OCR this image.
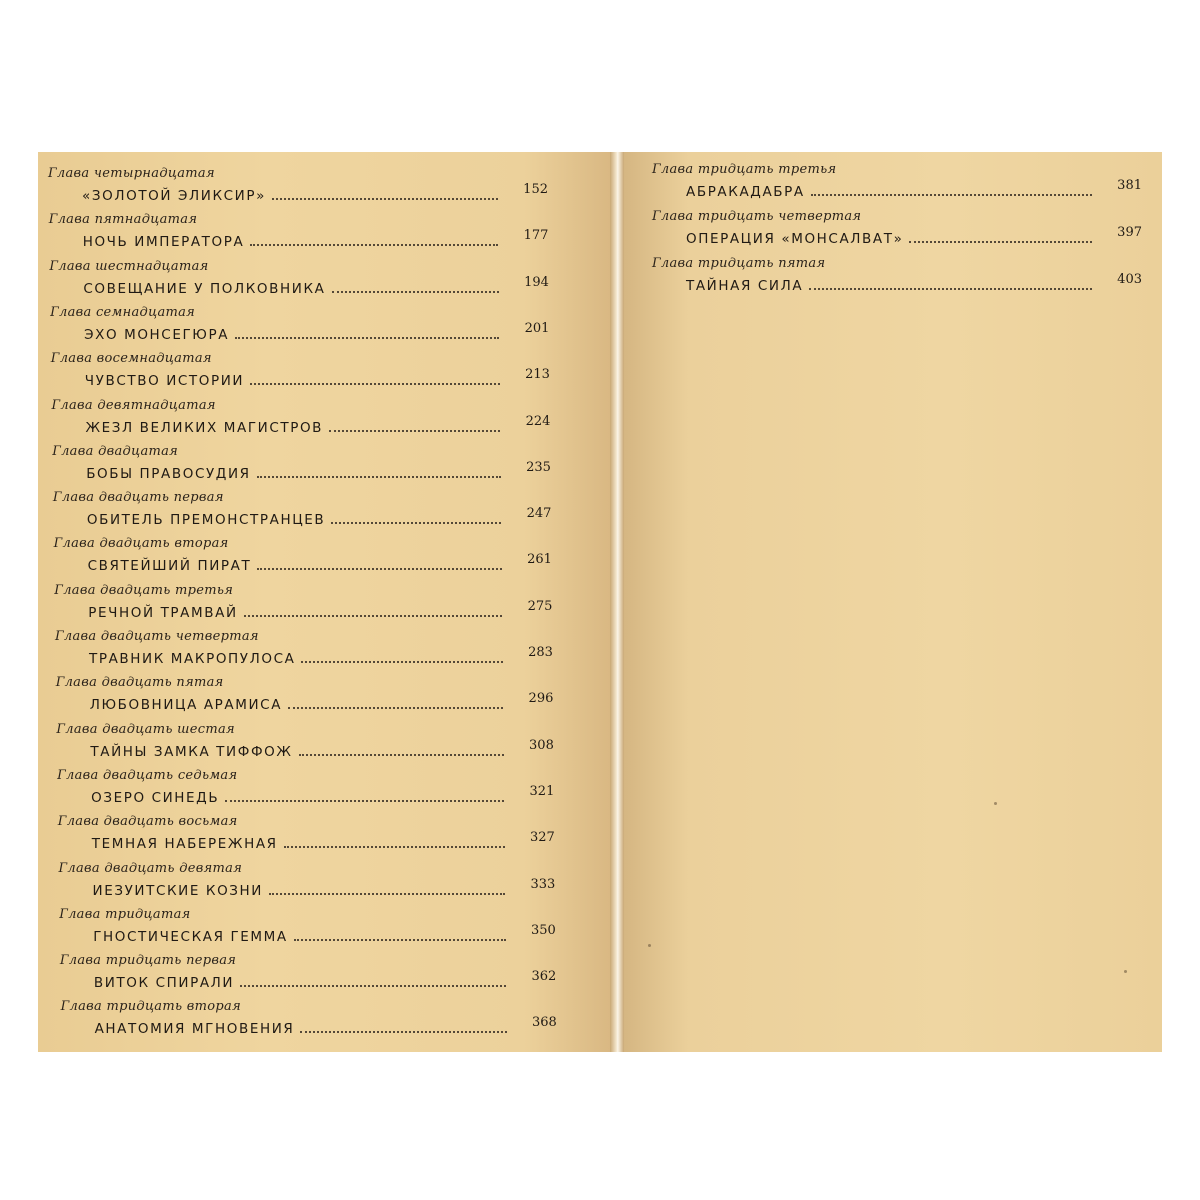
Глава четырнадцатая
«ЗОЛОТОЙ ЭЛИКСИР»	152
Глава пятнадцатая
НОЧЬ ИМПЕРАТОРА	177
Глава шестнадцатая
СОВЕЩАНИЕ У ПОЛКОВНИКА	194
Глава семнадцатая
ЭХО МОНСЕГЮРА	201
Глава восемнадцатая
ЧУВСТВО ИСТОРИИ	213
Глава девятнадцатая
ЖЕЗЛ ВЕЛИКИХ МАГИСТРОВ	224
Глава двадцатая
БОБЫ ПРАВОСУДИЯ	235
Глава двадцать первая
ОБИТЕЛЬ ПРЕМОНСТРАНЦЕВ	247
Глава двадцать вторая
СВЯТЕЙШИЙ ПИРАТ	261
Глава двадцать третья
РЕЧНОЙ ТРАМВАЙ	275
Глава двадцать четвертая
ТРАВНИК МАКРОПУЛОСА	283
Глава двадцать пятая
ЛЮБОВНИЦА АРАМИСА	296
Глава двадцать шестая
ТАЙНЫ ЗАМКА ТИФФОЖ	308
Глава двадцать седьмая
ОЗЕРО СИНЕДЬ	321
Глава двадцать восьмая
ТЕМНАЯ НАБЕРЕЖНАЯ	327
Глава двадцать девятая
ИЕЗУИТСКИЕ КОЗНИ	333
Глава тридцатая
ГНОСТИЧЕСКАЯ ГЕММА	350
Глава тридцать первая
ВИТОК СПИРАЛИ	362
Глава тридцать вторая
АНАТОМИЯ МГНОВЕНИЯ	368
Глава тридцать третья
АБРАКАДАБРА	381
Глава тридцать четвертая
ОПЕРАЦИЯ «МОНСАЛВАТ»	397
Глава тридцать пятая
ТАЙНАЯ СИЛА	403
